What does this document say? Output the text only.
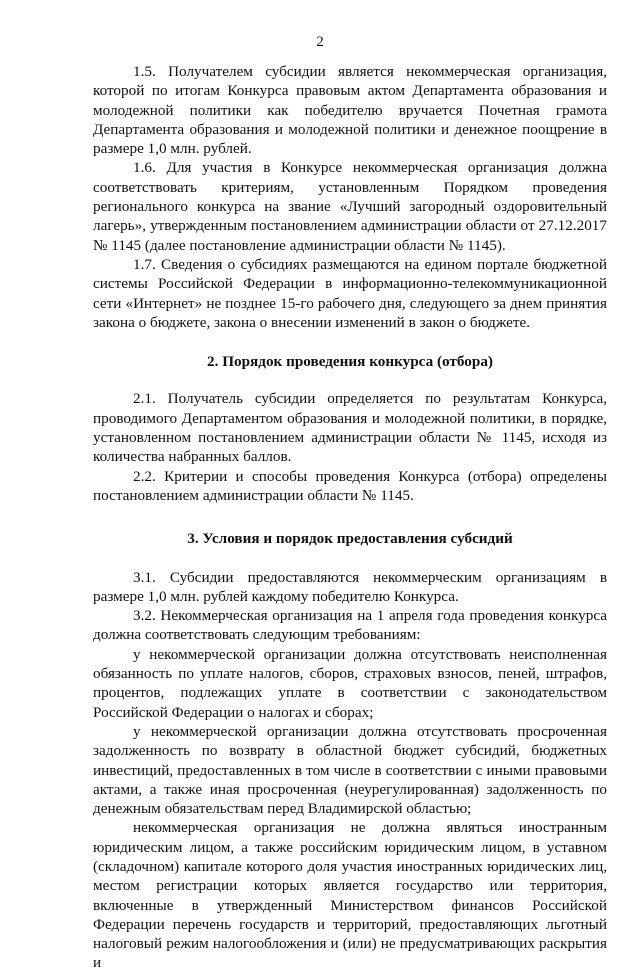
2

1.5. Получателем субсидии является некоммерческая организация, которой по итогам Конкурса правовым актом Департамента образования и молодежной политики как победителю вручается Почетная грамота Департамента образования и молодежной политики и денежное поощрение в размере 1,0 млн. рублей.

1.6. Для участия в Конкурсе некоммерческая организация должна соответствовать критериям, установленным Порядком проведения регионального конкурса на звание «Лучший загородный оздоровительный лагерь», утвержденным постановлением администрации области от 27.12.2017 № 1145 (далее постановление администрации области № 1145).

1.7. Сведения о субсидиях размещаются на едином портале бюджетной системы Российской Федерации в информационно-телекоммуникационной сети «Интернет» не позднее 15-го рабочего дня, следующего за днем принятия закона о бюджете, закона о внесении изменений в закон о бюджете.

2. Порядок проведения конкурса (отбора)

2.1. Получатель субсидии определяется по результатам Конкурса, проводимого Департаментом образования и молодежной политики, в порядке, установленном постановлением администрации области № 1145, исходя из количества набранных баллов.

2.2. Критерии и способы проведения Конкурса (отбора) определены постановлением администрации области № 1145.

3. Условия и порядок предоставления субсидий

3.1. Субсидии предоставляются некоммерческим организациям в размере 1,0 млн. рублей каждому победителю Конкурса.

3.2. Некоммерческая организация на 1 апреля года проведения конкурса должна соответствовать следующим требованиям:

у некоммерческой организации должна отсутствовать неисполненная обязанность по уплате налогов, сборов, страховых взносов, пеней, штрафов, процентов, подлежащих уплате в соответствии с законодательством Российской Федерации о налогах и сборах;

у некоммерческой организации должна отсутствовать просроченная задолженность по возврату в областной бюджет субсидий, бюджетных инвестиций, предоставленных в том числе в соответствии с иными правовыми актами, а также иная просроченная (неурегулированная) задолженность по денежным обязательствам перед Владимирской областью;

некоммерческая организация не должна являться иностранным юридическим лицом, а также российским юридическим лицом, в уставном (складочном) капитале которого доля участия иностранных юридических лиц, местом регистрации которых является государство или территория, включенные в утвержденный Министерством финансов Российской Федерации перечень государств и территорий, предоставляющих льготный налоговый режим налогообложения и (или) не предусматривающих раскрытия и
